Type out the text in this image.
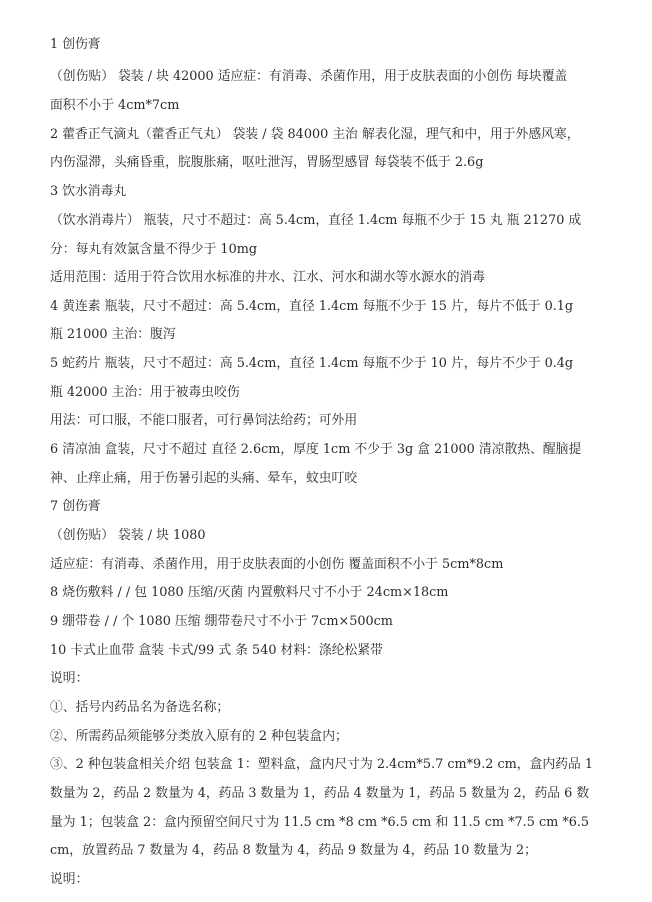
1 创伤膏
（创伤贴） 袋装 / 块 42000 适应症：有消毒、杀菌作用，用于皮肤表面的小创伤 每块覆盖
面积不小于 4cm*7cm
2 藿香正气滴丸（藿香正气丸） 袋装 / 袋 84000 主治 解表化湿，理气和中，用于外感风寒，
内伤湿滞，头痛昏重，脘腹胀痛，呕吐泄泻，胃肠型感冒 每袋装不低于 2.6g
3 饮水消毒丸
（饮水消毒片） 瓶装，尺寸不超过：高 5.4cm，直径 1.4cm 每瓶不少于 15 丸 瓶 21270 成
分：每丸有效氯含量不得少于 10mg
适用范围：适用于符合饮用水标准的井水、江水、河水和湖水等水源水的消毒
4 黄连素 瓶装，尺寸不超过：高 5.4cm，直径 1.4cm 每瓶不少于 15 片，每片不低于 0.1g
瓶 21000 主治：腹泻
5 蛇药片 瓶装，尺寸不超过：高 5.4cm，直径 1.4cm 每瓶不少于 10 片，每片不少于 0.4g
瓶 42000 主治：用于被毒虫咬伤
用法：可口服，不能口服者，可行鼻饲法给药；可外用
6 清凉油 盒装，尺寸不超过 直径 2.6cm，厚度 1cm 不少于 3g 盒 21000 清凉散热、醒脑提
神、止痒止痛，用于伤暑引起的头痛、晕车，蚊虫叮咬
7 创伤膏
（创伤贴） 袋装 / 块 1080
适应症：有消毒、杀菌作用，用于皮肤表面的小创伤 覆盖面积不小于 5cm*8cm
8 烧伤敷料 / / 包 1080 压缩/灭菌 内置敷料尺寸不小于 24cm×18cm
9 绷带卷 / / 个 1080 压缩 绷带卷尺寸不小于 7cm×500cm
10 卡式止血带 盒装 卡式/99 式 条 540 材料：涤纶松紧带
说明：
①、括号内药品名为备选名称；
②、所需药品须能够分类放入原有的 2 种包装盒内；
③、2 种包装盒相关介绍 包装盒 1：塑料盒，盒内尺寸为 2.4cm*5.7 cm*9.2 cm，盒内药品 1
数量为 2，药品 2 数量为 4，药品 3 数量为 1，药品 4 数量为 1，药品 5 数量为 2，药品 6 数
量为 1；包装盒 2：盒内预留空间尺寸为 11.5 cm *8 cm *6.5 cm 和 11.5 cm *7.5 cm *6.5
cm，放置药品 7 数量为 4，药品 8 数量为 4，药品 9 数量为 4，药品 10 数量为 2；
说明：
